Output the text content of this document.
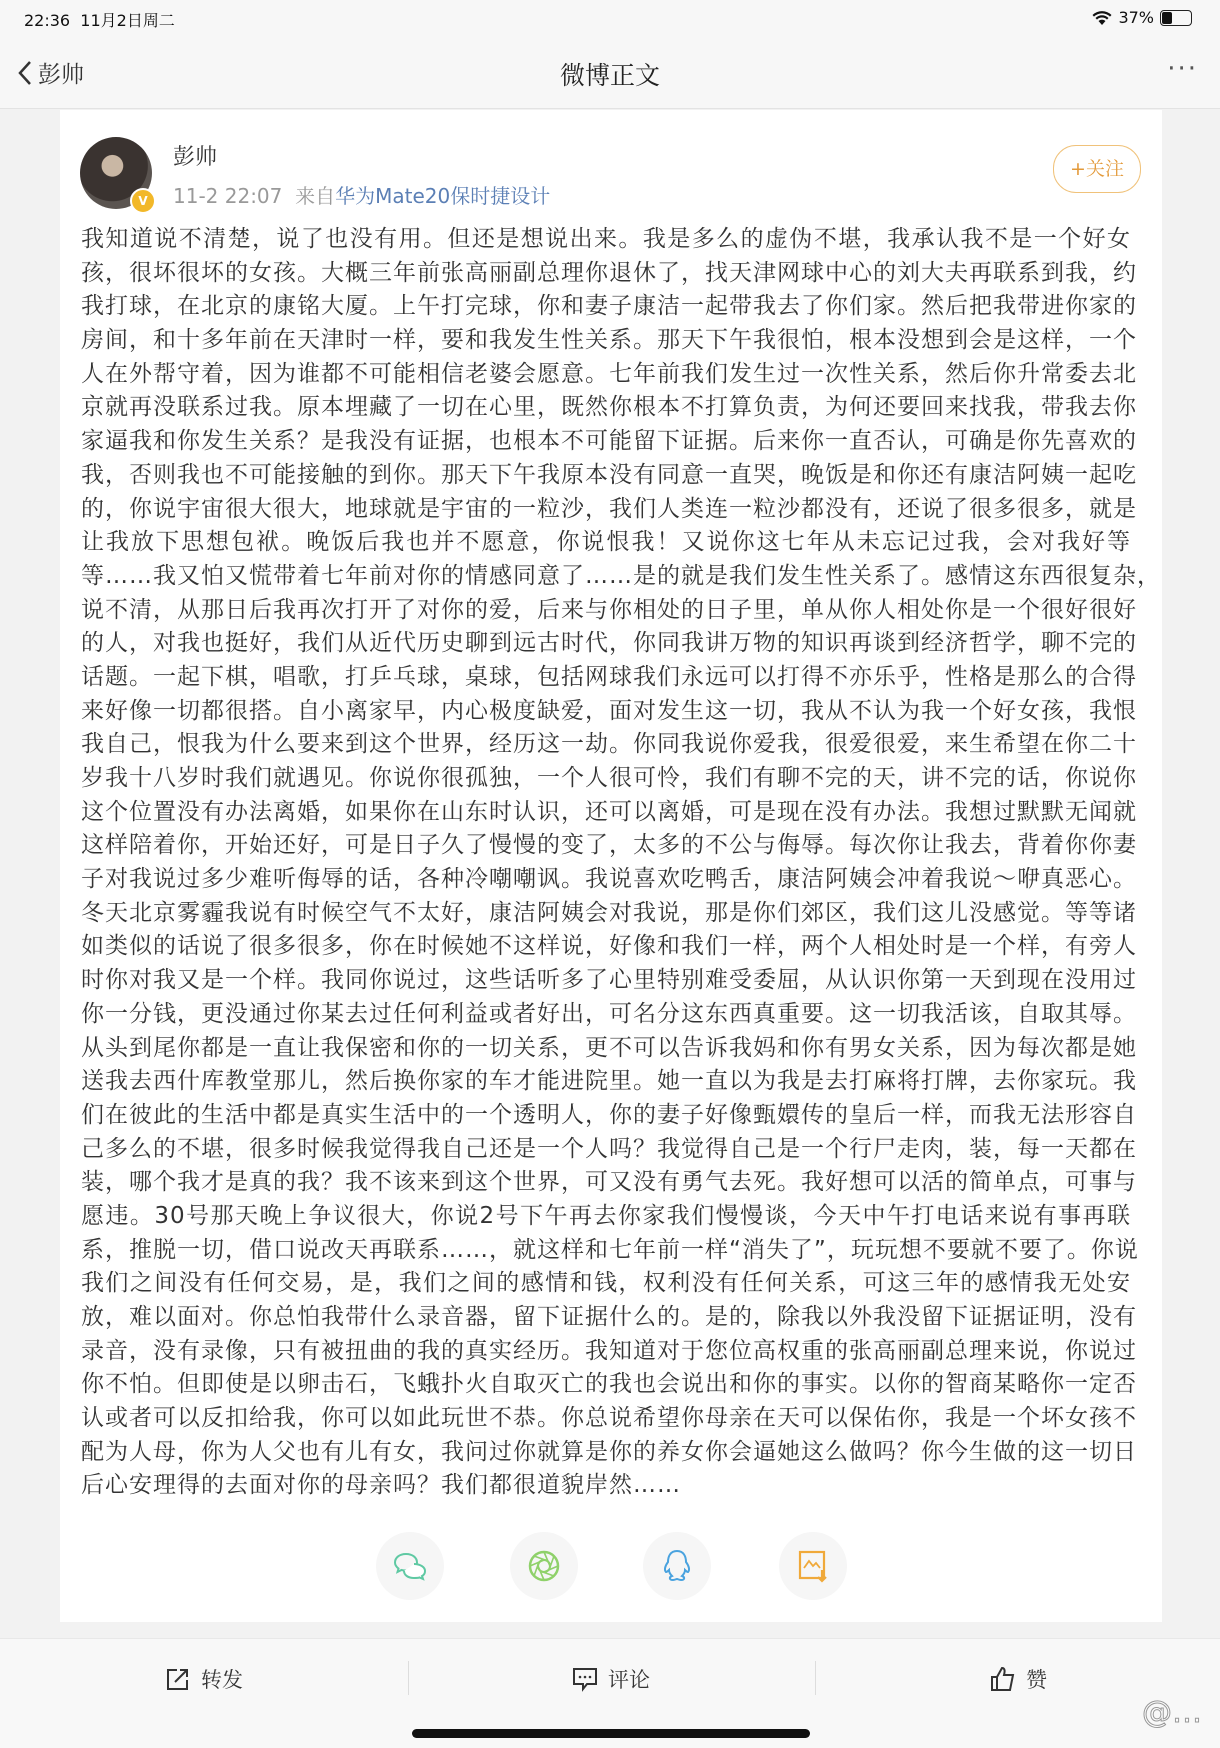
22:36 11月2日周二	37%
彭帅	微博正文	···
V
彭帅
11-2 22:07 来自华为Mate20保时捷设计
+关注
我知道说不清楚，说了也没有用。但还是想说出来。我是多么的虚伪不堪，我承认我不是一个好女
孩，很坏很坏的女孩。大概三年前张高丽副总理你退休了，找天津网球中心的刘大夫再联系到我，约
我打球，在北京的康铭大厦。上午打完球，你和妻子康洁一起带我去了你们家。然后把我带进你家的
房间，和十多年前在天津时一样，要和我发生性关系。那天下午我很怕，根本没想到会是这样，一个
人在外帮守着，因为谁都不可能相信老婆会愿意。七年前我们发生过一次性关系，然后你升常委去北
京就再没联系过我。原本埋藏了一切在心里，既然你根本不打算负责，为何还要回来找我，带我去你
家逼我和你发生关系？是我没有证据，也根本不可能留下证据。后来你一直否认，可确是你先喜欢的
我，否则我也不可能接触的到你。那天下午我原本没有同意一直哭，晚饭是和你还有康洁阿姨一起吃
的，你说宇宙很大很大，地球就是宇宙的一粒沙，我们人类连一粒沙都没有，还说了很多很多，就是
让我放下思想包袱。晚饭后我也并不愿意，你说恨我！又说你这七年从未忘记过我，会对我好等
等……我又怕又慌带着七年前对你的情感同意了……是的就是我们发生性关系了。感情这东西很复杂，
说不清，从那日后我再次打开了对你的爱，后来与你相处的日子里，单从你人相处你是一个很好很好
的人，对我也挺好，我们从近代历史聊到远古时代，你同我讲万物的知识再谈到经济哲学，聊不完的
话题。一起下棋，唱歌，打乒乓球，桌球，包括网球我们永远可以打得不亦乐乎，性格是那么的合得
来好像一切都很搭。自小离家早，内心极度缺爱，面对发生这一切，我从不认为我一个好女孩，我恨
我自己，恨我为什么要来到这个世界，经历这一劫。你同我说你爱我，很爱很爱，来生希望在你二十
岁我十八岁时我们就遇见。你说你很孤独，一个人很可怜，我们有聊不完的天，讲不完的话，你说你
这个位置没有办法离婚，如果你在山东时认识，还可以离婚，可是现在没有办法。我想过默默无闻就
这样陪着你，开始还好，可是日子久了慢慢的变了，太多的不公与侮辱。每次你让我去，背着你你妻
子对我说过多少难听侮辱的话，各种冷嘲嘲讽。我说喜欢吃鸭舌，康洁阿姨会冲着我说～咿真恶心。
冬天北京雾霾我说有时候空气不太好，康洁阿姨会对我说，那是你们郊区，我们这儿没感觉。等等诸
如类似的话说了很多很多，你在时候她不这样说，好像和我们一样，两个人相处时是一个样，有旁人
时你对我又是一个样。我同你说过，这些话听多了心里特别难受委屈，从认识你第一天到现在没用过
你一分钱，更没通过你某去过任何利益或者好出，可名分这东西真重要。这一切我活该，自取其辱。
从头到尾你都是一直让我保密和你的一切关系，更不可以告诉我妈和你有男女关系，因为每次都是她
送我去西什库教堂那儿，然后换你家的车才能进院里。她一直以为我是去打麻将打牌，去你家玩。我
们在彼此的生活中都是真实生活中的一个透明人，你的妻子好像甄嬛传的皇后一样，而我无法形容自
己多么的不堪，很多时候我觉得我自己还是一个人吗？我觉得自己是一个行尸走肉，装，每一天都在
装，哪个我才是真的我？我不该来到这个世界，可又没有勇气去死。我好想可以活的简单点，可事与
愿违。30号那天晚上争议很大，你说2号下午再去你家我们慢慢谈，今天中午打电话来说有事再联
系，推脱一切，借口说改天再联系……，就这样和七年前一样“消失了”，玩玩想不要就不要了。你说
我们之间没有任何交易，是，我们之间的感情和钱，权利没有任何关系，可这三年的感情我无处安
放，难以面对。你总怕我带什么录音器，留下证据什么的。是的，除我以外我没留下证据证明，没有
录音，没有录像，只有被扭曲的我的真实经历。我知道对于您位高权重的张高丽副总理来说，你说过
你不怕。但即使是以卵击石，飞蛾扑火自取灭亡的我也会说出和你的事实。以你的智商某略你一定否
认或者可以反扣给我，你可以如此玩世不恭。你总说希望你母亲在天可以保佑你，我是一个坏女孩不
配为人母，你为人父也有儿有女，我问过你就算是你的养女你会逼她这么做吗？你今生做的这一切日
后心安理得的去面对你的母亲吗？我们都很道貌岸然……
转发	评论	赞
@…
